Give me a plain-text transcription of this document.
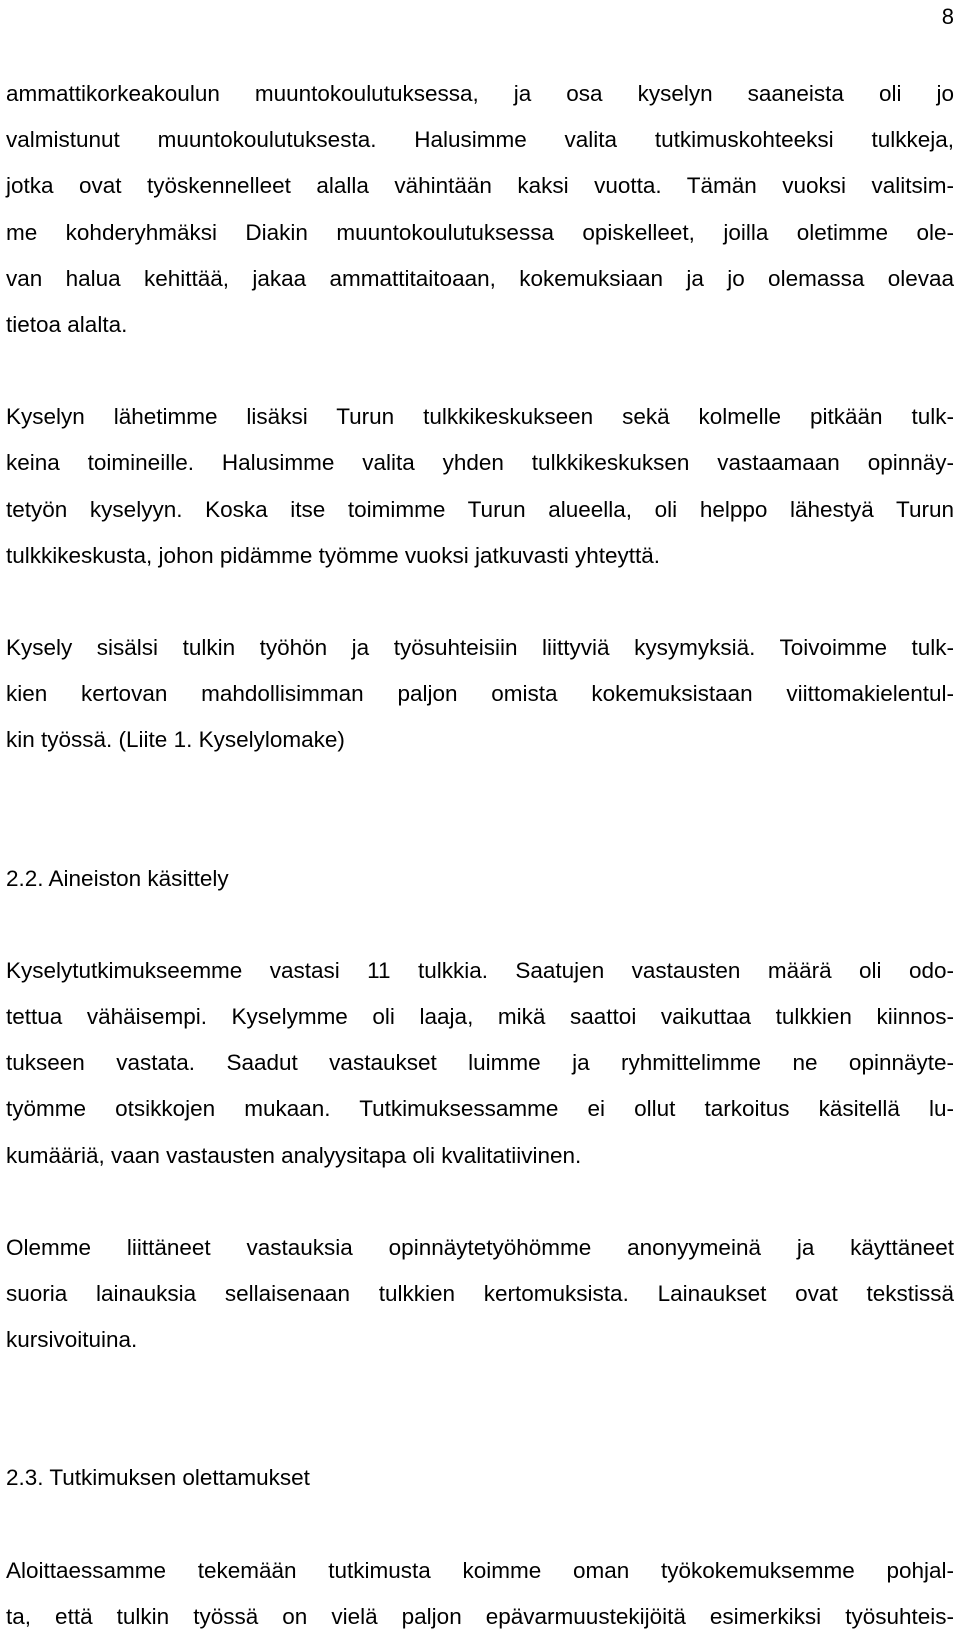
8

ammattikorkeakoulun muuntokoulutuksessa, ja osa kyselyn saaneista oli jo
valmistunut muuntokoulutuksesta. Halusimme valita tutkimuskohteeksi tulkkeja,
jotka ovat työskennelleet alalla vähintään kaksi vuotta. Tämän vuoksi valitsim-
me kohderyhmäksi Diakin muuntokoulutuksessa opiskelleet, joilla oletimme ole-
van halua kehittää, jakaa ammattitaitoaan, kokemuksiaan ja jo olemassa olevaa
tietoa alalta.

Kyselyn lähetimme lisäksi Turun tulkkikeskukseen sekä kolmelle pitkään tulk-
keina toimineille. Halusimme valita yhden tulkkikeskuksen vastaamaan opinnäy-
tetyön kyselyyn. Koska itse toimimme Turun alueella, oli helppo lähestyä Turun
tulkkikeskusta, johon pidämme työmme vuoksi jatkuvasti yhteyttä.

Kysely sisälsi tulkin työhön ja työsuhteisiin liittyviä kysymyksiä. Toivoimme tulk-
kien kertovan mahdollisimman paljon omista kokemuksistaan viittomakielentul-
kin työssä. (Liite 1. Kyselylomake)

2.2. Aineiston käsittely

Kyselytutkimukseemme vastasi 11 tulkkia. Saatujen vastausten määrä oli odo-
tettua vähäisempi. Kyselymme oli laaja, mikä saattoi vaikuttaa tulkkien kiinnos-
tukseen vastata. Saadut vastaukset luimme ja ryhmittelimme ne opinnäyte-
työmme otsikkojen mukaan. Tutkimuksessamme ei ollut tarkoitus käsitellä lu-
kumääriä, vaan vastausten analyysitapa oli kvalitatiivinen.

Olemme liittäneet vastauksia opinnäytetyöhömme anonyymeinä ja käyttäneet
suoria lainauksia sellaisenaan tulkkien kertomuksista. Lainaukset ovat tekstissä
kursivoituina.

2.3. Tutkimuksen olettamukset

Aloittaessamme tekemään tutkimusta koimme oman työkokemuksemme pohjal-
ta, että tulkin työssä on vielä paljon epävarmuustekijöitä esimerkiksi työsuhteis-
